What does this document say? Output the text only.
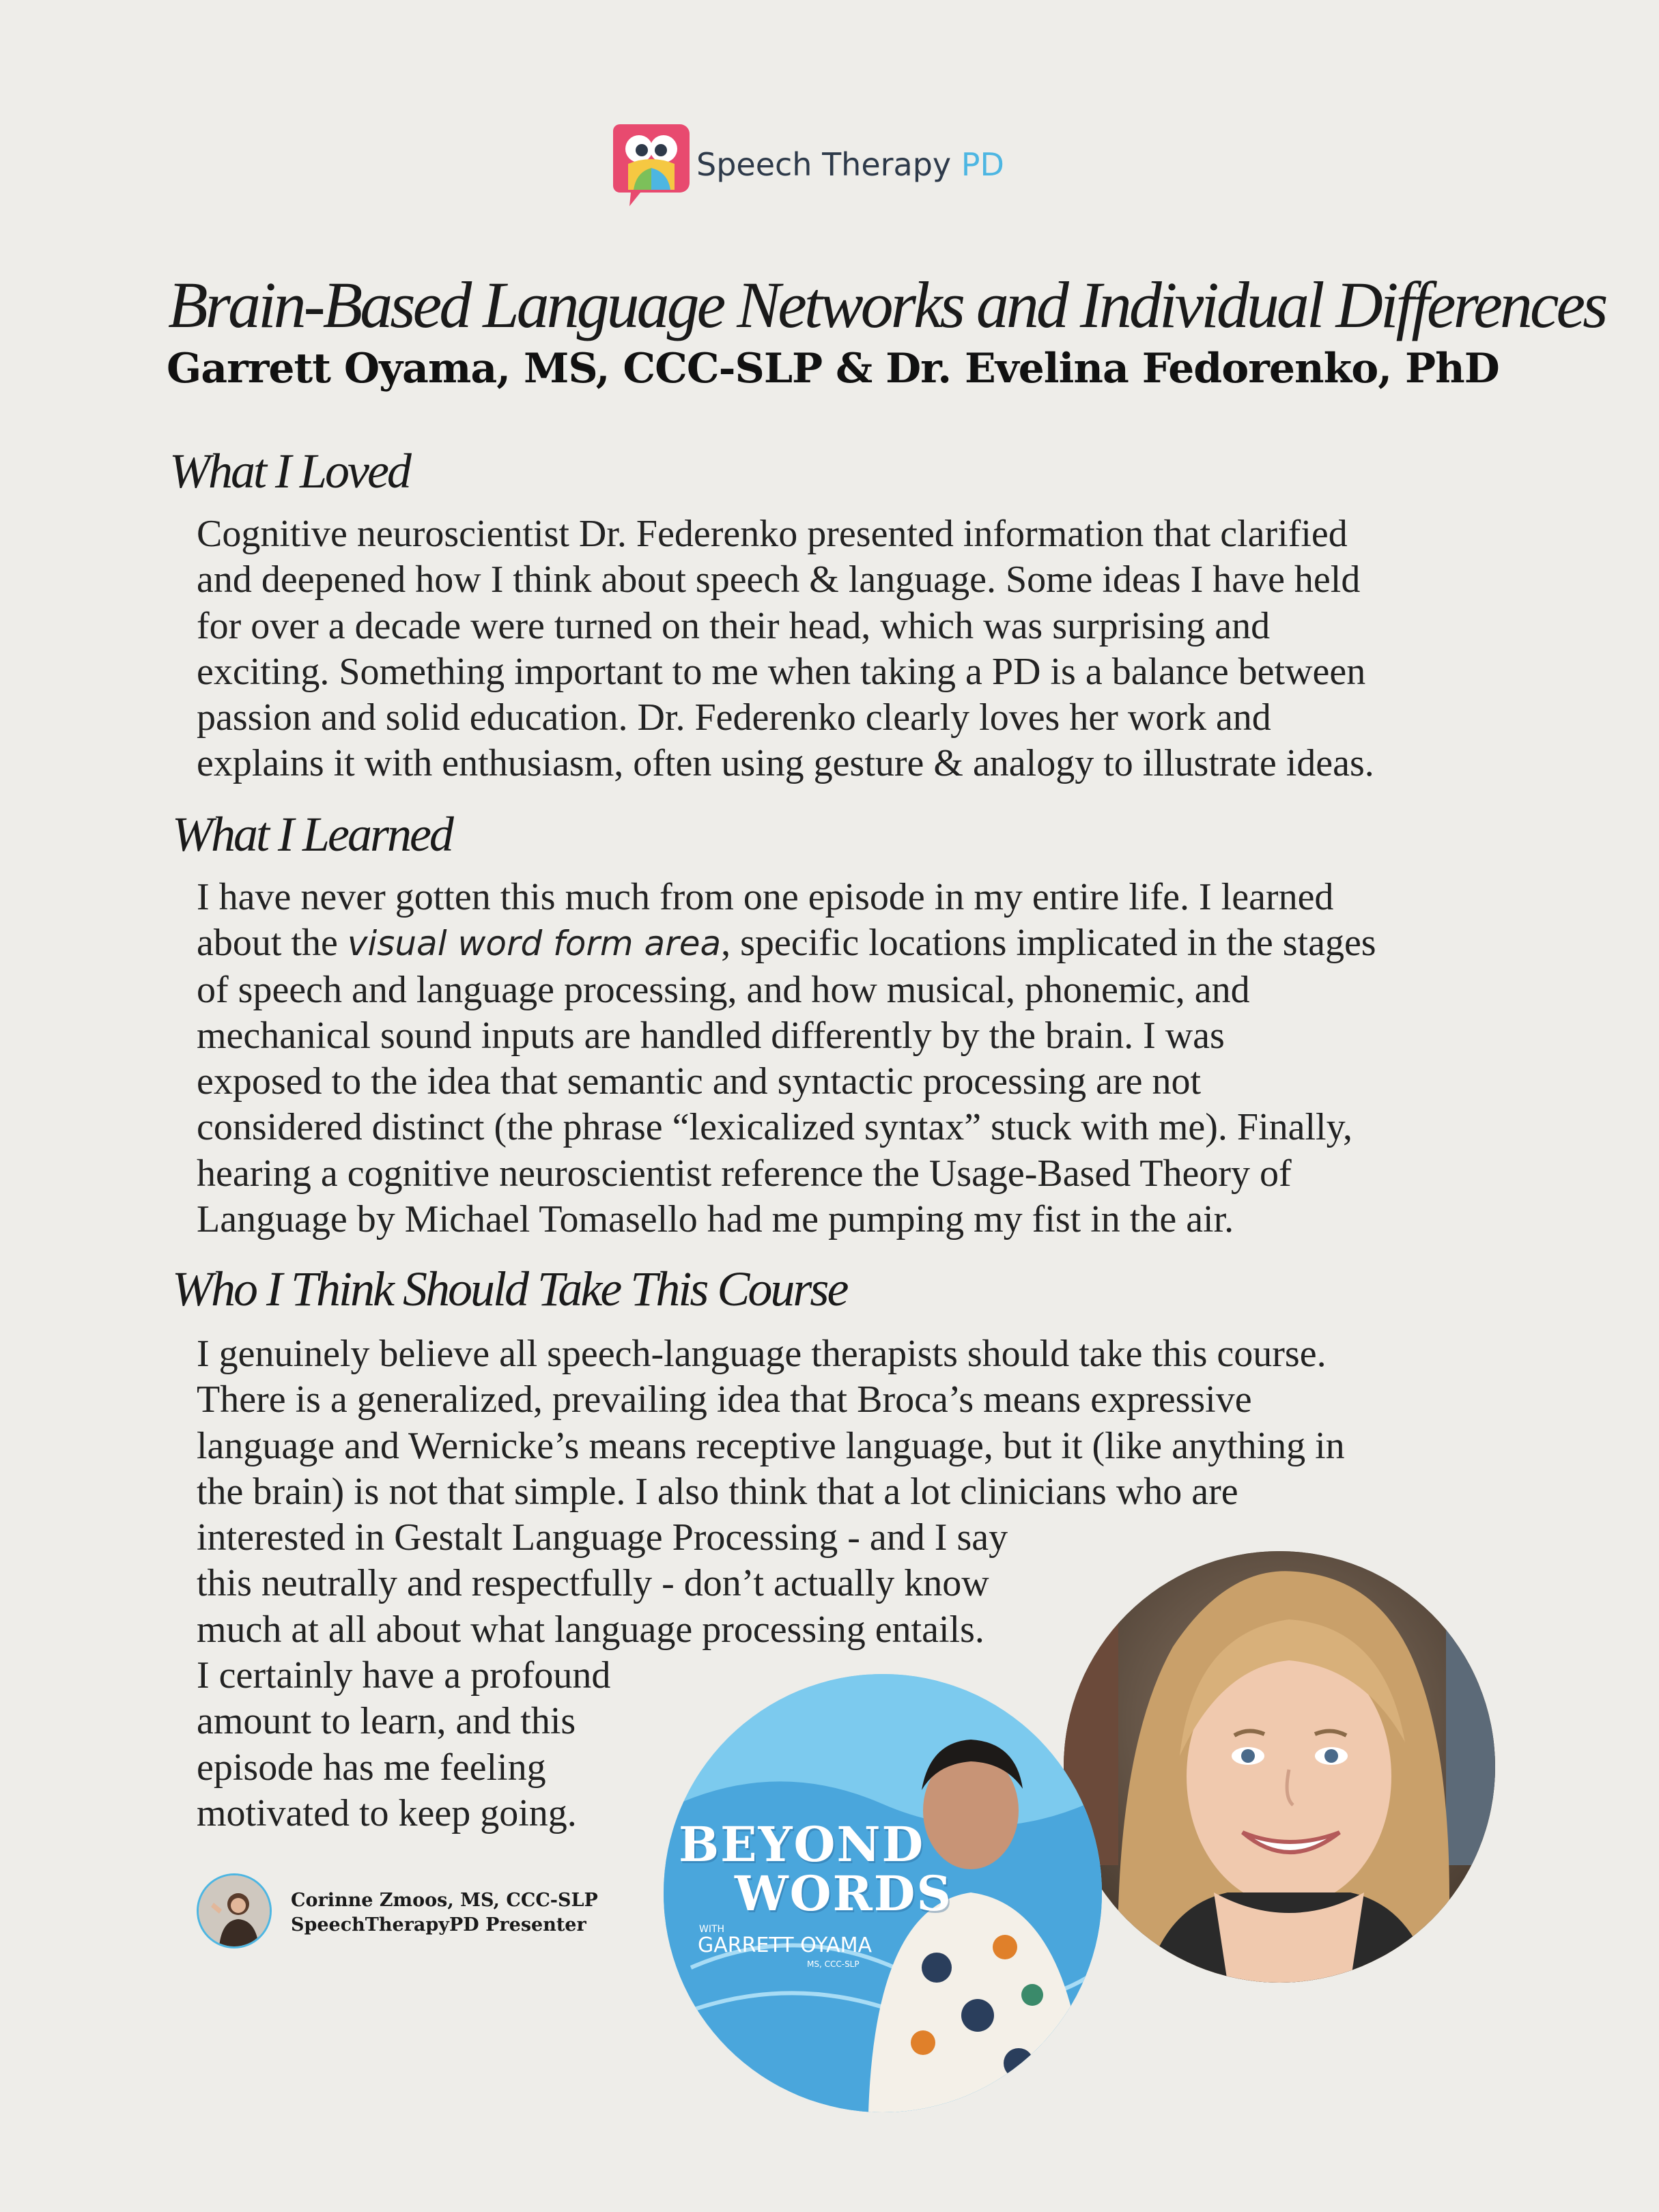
Speech Therapy PD
Brain-Based Language Networks and Individual Differences
Garrett Oyama, MS, CCC-SLP & Dr. Evelina Fedorenko, PhD
What I Loved
Cognitive neuroscientist Dr. Federenko presented information that clarified
and deepened how I think about speech & language. Some ideas I have held
for over a decade were turned on their head, which was surprising and
exciting. Something important to me when taking a PD is a balance between
passion and solid education. Dr. Federenko clearly loves her work and
explains it with enthusiasm, often using gesture & analogy to illustrate ideas.
What I Learned
I have never gotten this much from one episode in my entire life. I learned
about the visual word form area, specific locations implicated in the stages
of speech and language processing, and how musical, phonemic, and
mechanical sound inputs are handled differently by the brain. I was
exposed to the idea that semantic and syntactic processing are not
considered distinct (the phrase “lexicalized syntax” stuck with me). Finally,
hearing a cognitive neuroscientist reference the Usage-Based Theory of
Language by Michael Tomasello had me pumping my fist in the air.
Who I Think Should Take This Course
I genuinely believe all speech-language therapists should take this course.
There is a generalized, prevailing idea that Broca’s means expressive
language and Wernicke’s means receptive language, but it (like anything in
the brain) is not that simple. I also think that a lot clinicians who are
interested in Gestalt Language Processing - and I say
this neutrally and respectfully - don’t actually know
much at all about what language processing entails.
I certainly have a profound
amount to learn, and this
episode has me feeling
motivated to keep going.
Corinne Zmoos, MS, CCC-SLP
SpeechTherapyPD Presenter
BEYOND
WORDS
WITH
GARRETT OYAMA
MS, CCC-SLP
